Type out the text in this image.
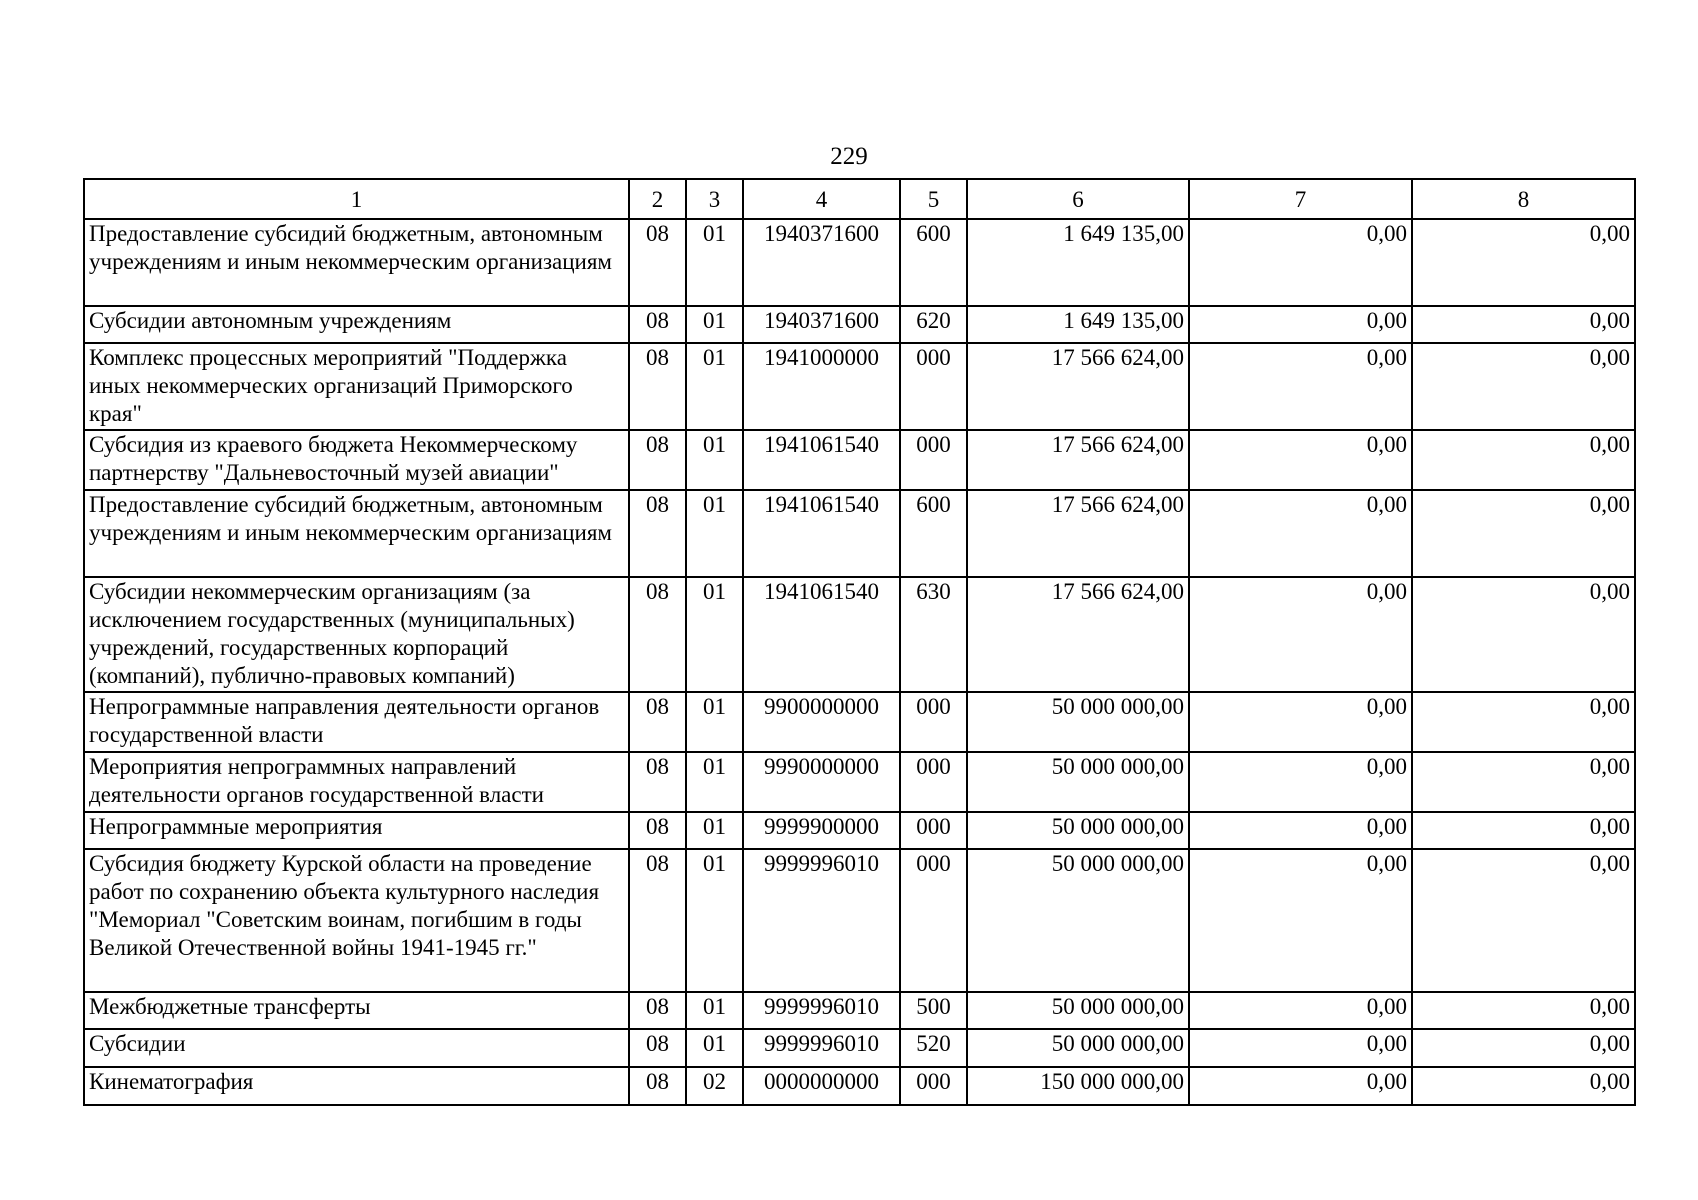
229
1	2	3	4	5	6	7	8
Предоставление субсидий бюджетным, автономным учреждениям и иным некоммерческим организациям	08	01	1940371600	600	1 649 135,00	0,00	0,00
Субсидии автономным учреждениям	08	01	1940371600	620	1 649 135,00	0,00	0,00
Комплекс процессных мероприятий "Поддержка иных некоммерческих организаций Приморского края"	08	01	1941000000	000	17 566 624,00	0,00	0,00
Субсидия из краевого бюджета Некоммерческому партнерству "Дальневосточный музей авиации"	08	01	1941061540	000	17 566 624,00	0,00	0,00
Предоставление субсидий бюджетным, автономным учреждениям и иным некоммерческим организациям	08	01	1941061540	600	17 566 624,00	0,00	0,00
Субсидии некоммерческим организациям (за исключением государственных (муниципальных) учреждений, государственных корпораций (компаний), публично-правовых компаний)	08	01	1941061540	630	17 566 624,00	0,00	0,00
Непрограммные направления деятельности органов государственной власти	08	01	9900000000	000	50 000 000,00	0,00	0,00
Мероприятия непрограммных направлений деятельности органов государственной власти	08	01	9990000000	000	50 000 000,00	0,00	0,00
Непрограммные мероприятия	08	01	9999900000	000	50 000 000,00	0,00	0,00
Субсидия бюджету Курской области на проведение работ по сохранению объекта культурного наследия "Мемориал "Советским воинам, погибшим в годы Великой Отечественной войны 1941-1945 гг."	08	01	9999996010	000	50 000 000,00	0,00	0,00
Межбюджетные трансферты	08	01	9999996010	500	50 000 000,00	0,00	0,00
Субсидии	08	01	9999996010	520	50 000 000,00	0,00	0,00
Кинематография	08	02	0000000000	000	150 000 000,00	0,00	0,00
